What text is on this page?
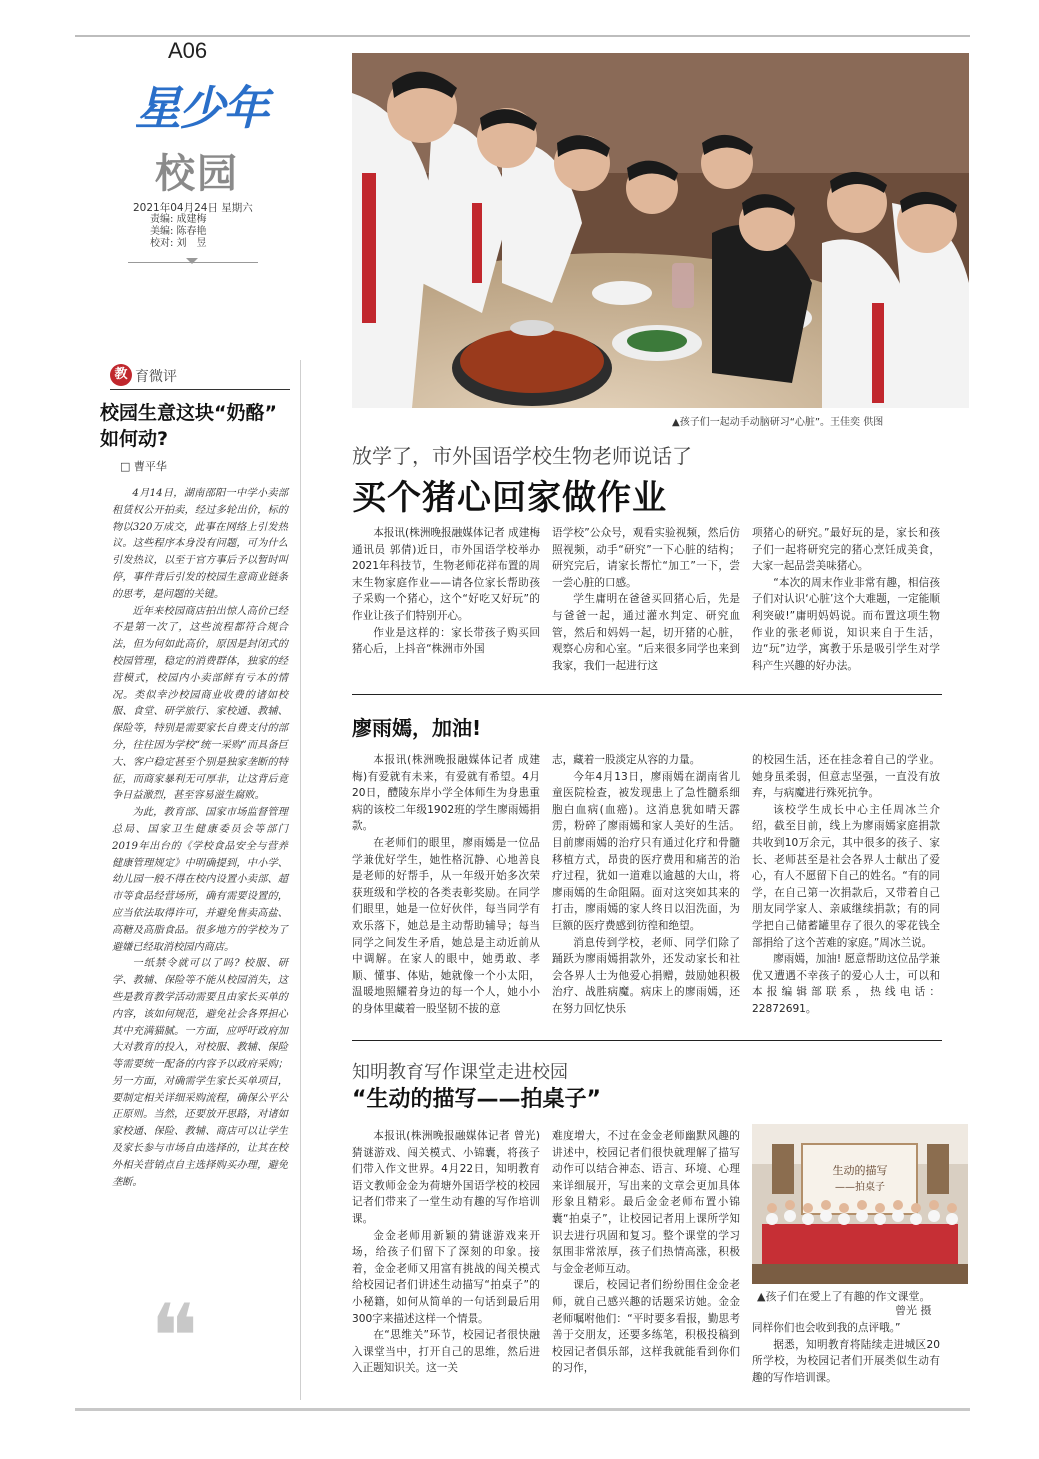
A06
星少年
校园
2021年04月24日 星期六
责编: 成建梅
美编: 陈春艳
校对: 刘　昱
▲孩子们一起动手动脑研习“心脏”。王佳奕 供图
教 育微评
校园生意这块“奶酪”
如何动?
□ 曹平华

4月14日，湖南邵阳一中学小卖部租赁权公开拍卖，经过多轮出价，标的物以320万成交，此事在网络上引发热议。这些程序本身没有问题，可为什么引发热议，以至于官方事后予以暂时叫停，事件背后引发的校园生意商业链条的思考，是问题的关键。

近年来校园商店拍出惊人高价已经不是第一次了，这些流程都符合规合法，但为何如此高价，原因是封闭式的校园管理，稳定的消费群体，独家的经营模式，校园内小卖部鲜有亏本的情况。类似幸沙校园商业收费的诸如校服、食堂、研学旅行、家校通、教辅、保险等，特别是需要家长自费支付的部分，往往因为学校“统一采购”而具备巨大、客户稳定甚至个别是独家垄断的特征，而商家暴利无可厚非，让这背后竟争日益激烈，甚至容易滋生腐败。

为此，教育部、国家市场监督管理总局、国家卫生健康委员会等部门2019年出台的《学校食品安全与营养健康管理规定》中明确提到，中小学、幼儿园一般不得在校内设置小卖部、超市等食品经营场所，确有需要设置的，应当依法取得许可，并避免售卖高盐、高糖及高脂食品。很多地方的学校为了避嫌已经取消校园内商店。

一纸禁令就可以了吗? 校服、研学、教辅、保险等不能从校园消失，这些是教育教学活动需要且由家长买单的内容，该如何规范，避免社会各界担心其中充满猫腻。一方面，应呼吁政府加大对教育的投入，对校服、教辅、保险等需要统一配备的内容予以政府采购；另一方面，对确需学生家长买单项目，要制定相关详细采购流程，确保公平公正原则。当然，还要放开思路，对诸如家校通、保险、教辅、商店可以让学生及家长参与市场自由选择的，让其在校外相关营销点自主选择购买办理，避免垄断。

❝
放学了，市外国语学校生物老师说话了
买个猪心回家做作业

本报讯(株洲晚报融媒体记者 成建梅 通讯员 郭倩)近日，市外国语学校举办2021年科技节，生物老师花祥布置的周末生物家庭作业——请各位家长帮助孩子采购一个猪心，这个“好吃又好玩”的作业让孩子们特别开心。

作业是这样的：家长带孩子购买回猪心后，上抖音“株洲市外国

语学校”公众号，观看实验视频，然后仿照视频，动手“研究”一下心脏的结构；研究完后，请家长帮忙“加工”一下，尝一尝心脏的口感。

学生庸明在爸爸买回猪心后，先是与爸爸一起，通过灌水判定、研究血管，然后和妈妈一起，切开猪的心脏，观察心房和心室。“后来很多同学也来到我家，我们一起进行这

项猪心的研究。”最好玩的是，家长和孩子们一起将研究完的猪心烹饪成美食，大家一起品尝美味猪心。

“本次的周末作业非常有趣，相信孩子们对认识‘心脏’这个大难题，一定能顺利突破!”庸明妈妈说。而布置这项生物作业的张老师说，知识来自于生活，边“玩”边学，寓教于乐是吸引学生对学科产生兴趣的好办法。

廖雨嫣，加油!

本报讯(株洲晚报融媒体记者 成建梅)有爱就有未来，有爱就有希望。4月20日，醴陵东岸小学全体师生为身患重病的该校二年级1902班的学生廖雨嫣捐款。

在老师们的眼里，廖雨嫣是一位品学兼优好学生，她性格沉静、心地善良是老师的好帮手，从一年级开始多次荣获班级和学校的各类表彰奖励。在同学们眼里，她是一位好伙伴，每当同学有欢乐落下，她总是主动帮助辅导；每当同学之间发生矛盾，她总是主动近前从中调解。在家人的眼中，她勇敢、孝顺、懂事、体贴，她就像一个小太阳，温暖地照耀着身边的每一个人，她小小的身体里藏着一股坚韧不拔的意

志，藏着一股淡定从容的力量。

今年4月13日，廖雨嫣在湖南省儿童医院检查，被发现患上了急性髓系细胞白血病(血癌)。这消息犹如晴天霹雳，粉碎了廖雨嫣和家人美好的生活。目前廖雨嫣的治疗只有通过化疗和骨髓移植方式，昂贵的医疗费用和痛苦的治疗过程，犹如一道难以逾越的大山，将廖雨嫣的生命阻隔。面对这突如其来的打击，廖雨嫣的家人终日以泪洗面，为巨额的医疗费感到彷徨和绝望。

消息传到学校，老师、同学们除了踊跃为廖雨嫣捐款外，还发动家长和社会各界人士为他爱心捐赠，鼓励她积极治疗、战胜病魔。病床上的廖雨嫣，还在努力回忆快乐

的校园生活，还在挂念着自己的学业。她身虽柔弱，但意志坚强，一直没有放弃，与病魔进行殊死抗争。

该校学生成长中心主任周冰兰介绍，截至目前，线上为廖雨嫣家庭捐款共收到10万余元，其中很多的孩子、家长、老师甚至是社会各界人士献出了爱心，有人不愿留下自己的姓名。“有的同学，在自己第一次捐款后，又带着自己朋友同学家人、亲戚继续捐款；有的同学把自己储蓄罐里存了很久的零花钱全部捐给了这个苦难的家庭。”周冰兰说。

廖雨嫣，加油! 愿意帮助这位品学兼优又遭遇不幸孩子的爱心人士，可以和本报编辑部联系，热线电话：22872691。

知明教育写作课堂走进校园
“生动的描写——拍桌子”

本报讯(株洲晚报融媒体记者 曾光)猜谜游戏、闯关模式、小锦囊，将孩子们带入作文世界。4月22日，知明教育语文教师金金为荷塘外国语学校的校园记者们带来了一堂生动有趣的写作培训课。

金金老师用新颖的猜谜游戏来开场，给孩子们留下了深刻的印象。接着，金金老师又用富有挑战的闯关模式给校园记者们讲述生动描写“拍桌子”的小秘籍，如何从简单的一句话到最后用300字来描述这样一个情景。

在“思维关”环节，校园记者很快融入课堂当中，打开自己的思维，然后进入正题知识关。这一关

难度增大，不过在金金老师幽默风趣的讲述中，校园记者们很快就理解了描写动作可以结合神态、语言、环境、心理来详细展开，写出来的文章会更加具体形象且精彩。最后金金老师布置小锦囊“拍桌子”，让校园记者用上课所学知识去进行巩固和复习。整个课堂的学习氛围非常浓厚，孩子们热情高涨，积极与金金老师互动。

课后，校园记者们纷纷围住金金老师，就自己感兴趣的话题采访她。金金老师嘱咐他们：“平时要多看报，勤思考善于交朋友，还要多练笔，积极投稿到校园记者俱乐部，这样我就能看到你们的习作，

生动的描写
——拍桌子
▲孩子们在愛上了有趣的作文课堂。
曾光 摄

同样你们也会收到我的点评哦。”

据悉，知明教育将陆续走进城区20所学校，为校园记者们开展类似生动有趣的写作培训课。
